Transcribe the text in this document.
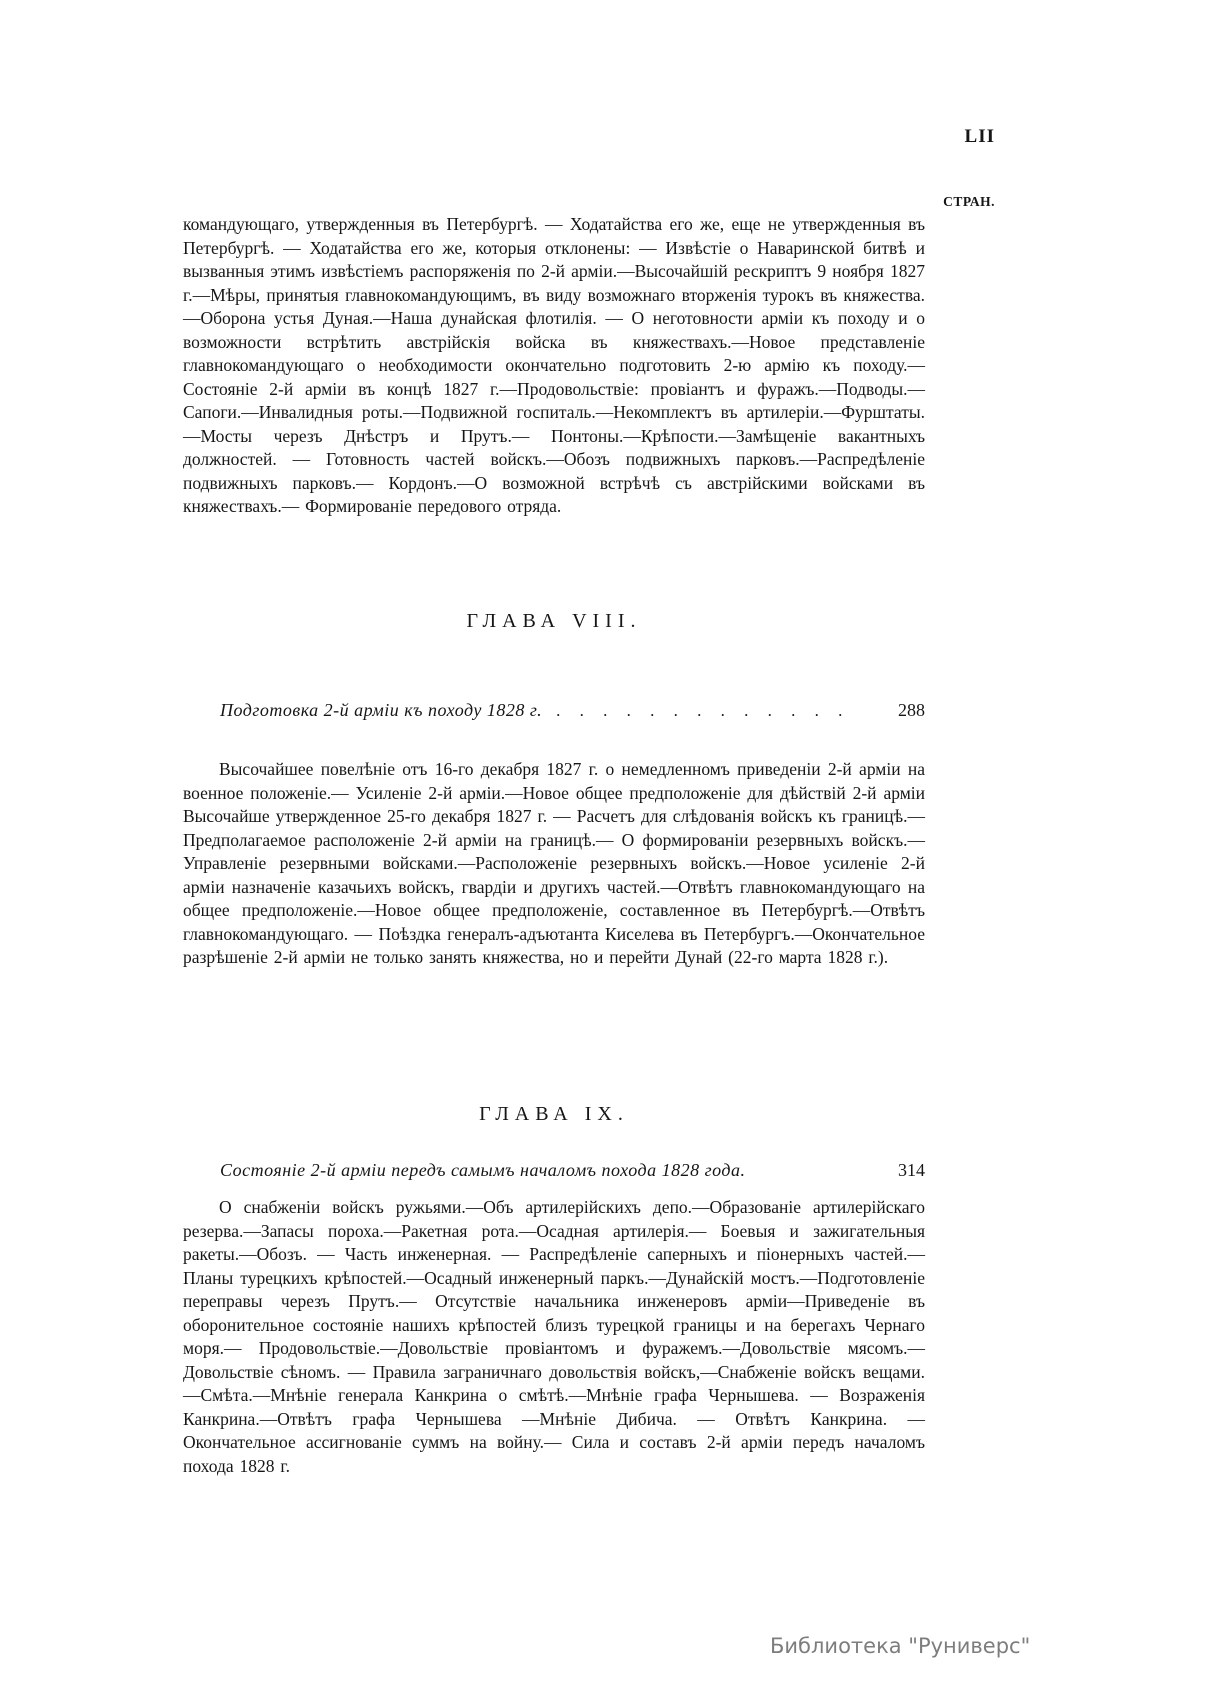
LII
СТРАН.
командующаго, утвержденныя въ Петербургѣ. — Ходатайства его же, еще не утвержденныя въ Петербургѣ. — Ходатайства его же, которыя отклонены: — Извѣстіе о Наваринской битвѣ и вызванныя этимъ извѣстіемъ распоряженія по 2-й арміи.—Высочайшій рескриптъ 9 ноября 1827 г.—Мѣры, принятыя главнокомандующимъ, въ виду возможнаго вторженія турокъ въ княжества.—Оборона устья Дуная.—Наша дунайская флотилія. — О неготовности арміи къ походу и о возможности встрѣтить австрійскія войска въ княжествахъ.—Новое представленіе главнокомандующаго о необходимости окончательно подготовить 2-ю армію къ походу.—Состояніе 2-й арміи въ концѣ 1827 г.—Продовольствіе: провіантъ и фуражъ.—Подводы.—Сапоги.—Инвалидныя роты.—Подвижной госпиталь.—Некомплектъ въ артилеріи.—Фурштаты.—Мосты черезъ Днѣстръ и Прутъ.— Понтоны.—Крѣпости.—Замѣщеніе вакантныхъ должностей. — Готовность частей войскъ.—Обозъ подвижныхъ парковъ.—Распредѣленіе подвижныхъ парковъ.— Кордонъ.—О возможной встрѣчѣ съ австрійскими войсками въ княжествахъ.— Формированіе передового отряда.
ГЛАВА VIII.
Подготовка 2-й арміи къ походу 1828 г. . . . . . . . . . . . . .	288
Высочайшее повелѣніе отъ 16-го декабря 1827 г. о немедленномъ приведеніи 2-й арміи на военное положеніе.— Усиленіе 2-й арміи.—Новое общее предположеніе для дѣйствій 2-й арміи Высочайше утвержденное 25-го декабря 1827 г. — Расчетъ для слѣдованія войскъ къ границѣ.—Предполагаемое расположеніе 2-й арміи на границѣ.— О формированіи резервныхъ войскъ.—Управленіе резервными войсками.—Расположеніе резервныхъ войскъ.—Новое усиленіе 2-й арміи назначеніе казачьихъ войскъ, гвардіи и другихъ частей.—Отвѣтъ главнокомандующаго на общее предположеніе.—Новое общее предположеніе, составленное въ Петербургѣ.—Отвѣтъ главнокомандующаго. — Поѣздка генералъ-адъютанта Киселева въ Петербургъ.—Окончательное разрѣшеніе 2-й арміи не только занять княжества, но и перейти Дунай (22-го марта 1828 г.).
ГЛАВА IX.
Состояніе 2-й арміи передъ самымъ началомъ похода 1828 года.	314
О снабженіи войскъ ружьями.—Объ артилерійскихъ депо.—Образованіе артилерійскаго резерва.—Запасы пороха.—Ракетная рота.—Осадная артилерія.— Боевыя и зажигательныя ракеты.—Обозъ. — Часть инженерная. — Распредѣленіе саперныхъ и піонерныхъ частей.—Планы турецкихъ крѣпостей.—Осадный инженерный паркъ.—Дунайскій мостъ.—Подготовленіе переправы черезъ Прутъ.— Отсутствіе начальника инженеровъ арміи—Приведеніе въ оборонительное состояніе нашихъ крѣпостей близъ турецкой границы и на берегахъ Чернаго моря.— Продовольствіе.—Довольствіе провіантомъ и фуражемъ.—Довольствіе мясомъ.— Довольствіе сѣномъ. — Правила заграничнаго довольствія войскъ,—Снабженіе войскъ вещами.—Смѣта.—Мнѣніе генерала Канкрина о смѣтѣ.—Мнѣніе графа Чернышева. — Возраженія Канкрина.—Отвѣтъ графа Чернышева —Мнѣніе Дибича. — Отвѣтъ Канкрина. — Окончательное ассигнованіе суммъ на войну.— Сила и составъ 2-й арміи передъ началомъ похода 1828 г.
Библиотека "Руниверс"
